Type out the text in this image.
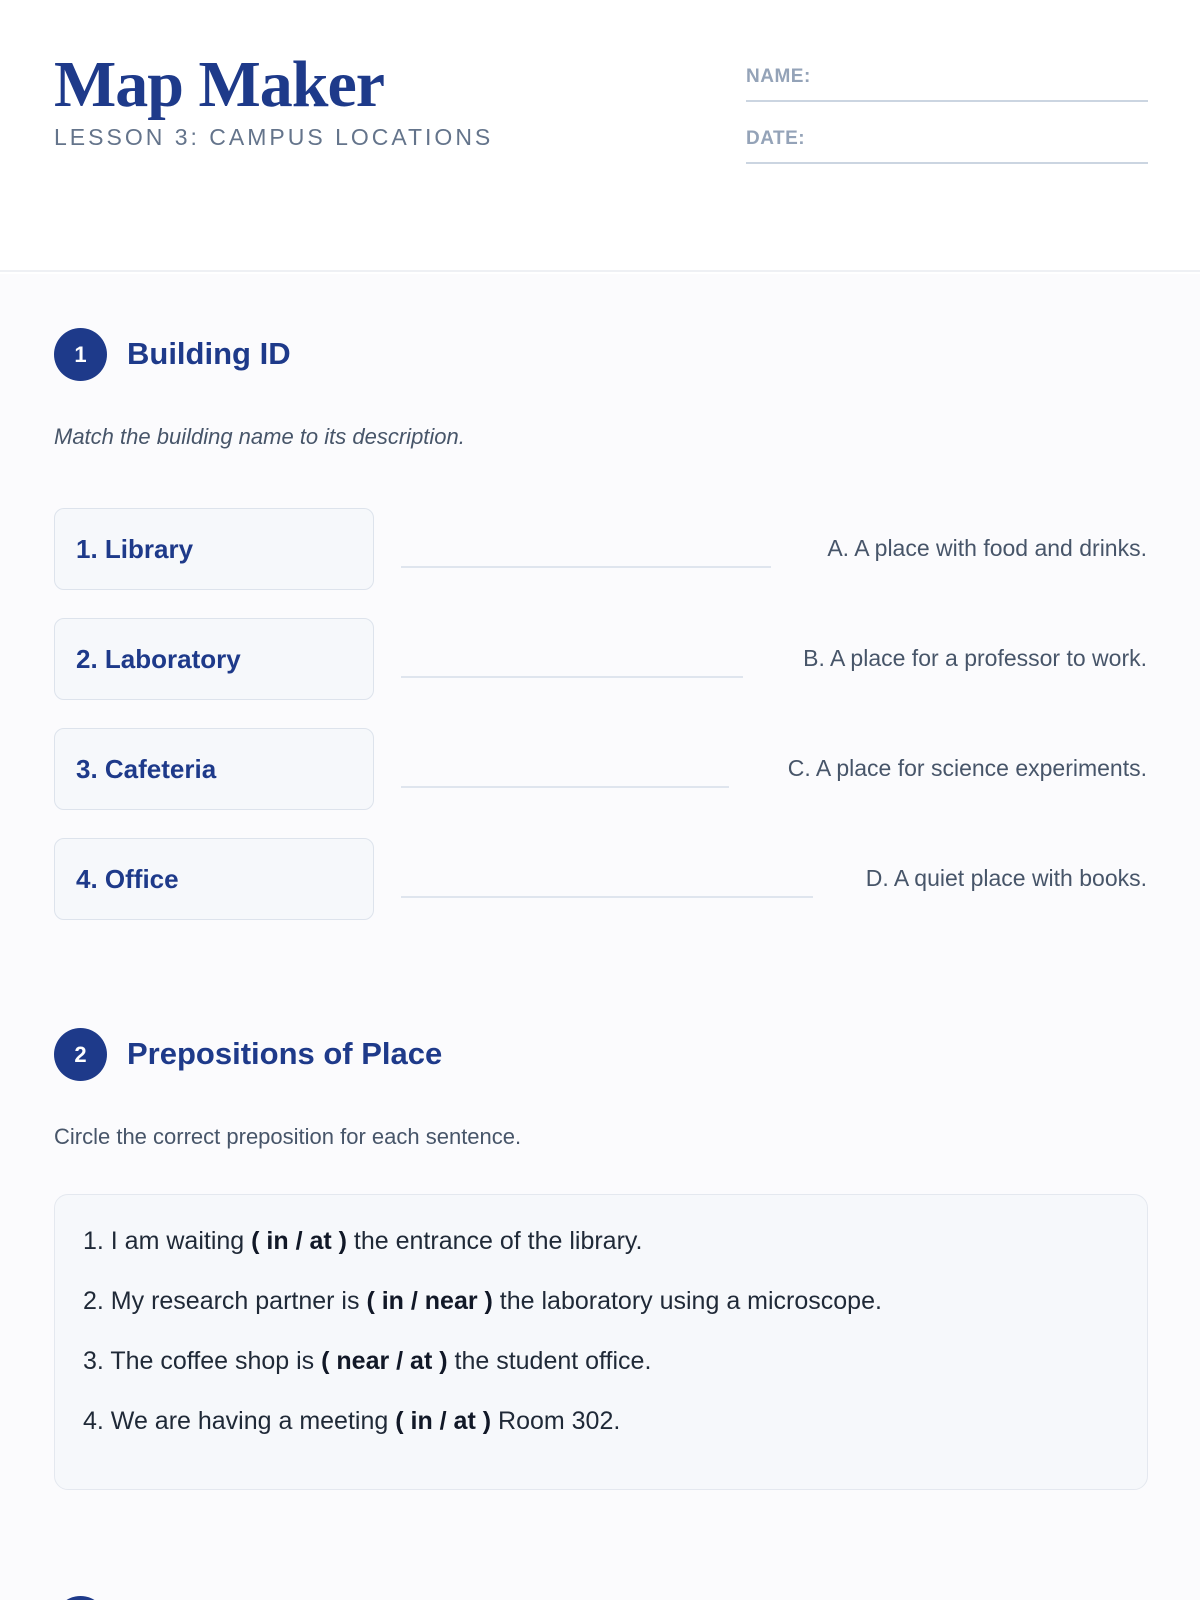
Map Maker
LESSON 3: CAMPUS LOCATIONS
NAME:
DATE:
1	Building ID
Match the building name to its description.
1. Library	A. A place with food and drinks.
2. Laboratory	B. A place for a professor to work.
3. Cafeteria	C. A place for science experiments.
4. Office	D. A quiet place with books.
2	Prepositions of Place
Circle the correct preposition for each sentence.
1. I am waiting ( in / at ) the entrance of the library.
2. My research partner is ( in / near ) the laboratory using a microscope.
3. The coffee shop is ( near / at ) the student office.
4. We are having a meeting ( in / at ) Room 302.
